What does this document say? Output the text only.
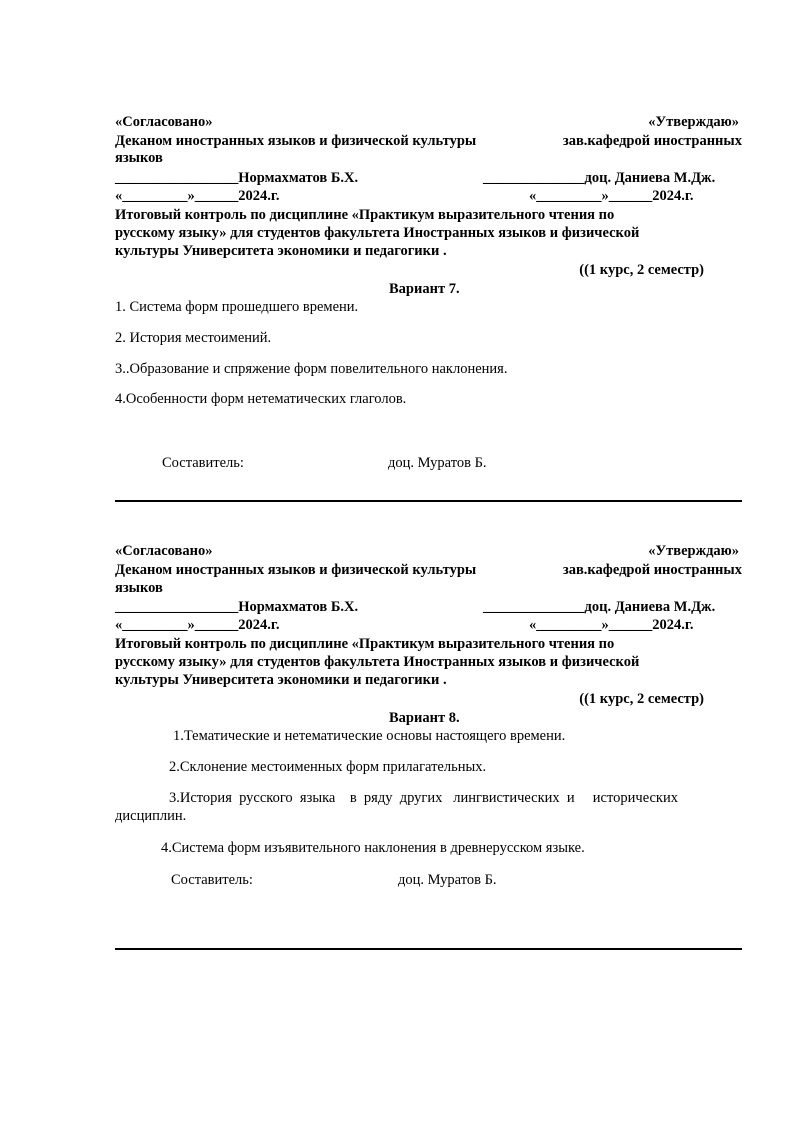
«Согласовано»	«Утверждаю»
Деканом иностранных языков и физической культуры	зав.кафедрой иностранных
языков
_________________Нормахматов Б.Х.	______________доц. Даниева М.Дж.
«_________»______2024.г.	«_________»______2024.г.
Итоговый контроль по дисциплине «Практикум выразительного чтения по
русскому языку» для студентов факультета Иностранных языков и физической
культуры Университета экономики и педагогики .
((1 курс, 2 семестр)
Вариант 7.
1. Система форм прошедшего времени.
2. История местоимений.
3..Образование и спряжение форм повелительного наклонения.
4.Особенности форм нетематических глаголов.
Составитель:	доц. Муратов Б.
«Согласовано»	«Утверждаю»
Деканом иностранных языков и физической культуры	зав.кафедрой иностранных
языков
_________________Нормахматов Б.Х.	______________доц. Даниева М.Дж.
«_________»______2024.г.	«_________»______2024.г.
Итоговый контроль по дисциплине «Практикум выразительного чтения по
русскому языку» для студентов факультета Иностранных языков и физической
культуры Университета экономики и педагогики .
((1 курс, 2 семестр)
Вариант 8.
1.Тематические и нетематические основы настоящего времени.
2.Склонение местоименных форм прилагательных.
3.История  русского  языка    в  ряду  других   лингвистических  и     исторических
дисциплин.
4.Система форм изъявительного наклонения в древнерусском языке.
Составитель:	доц. Муратов Б.
